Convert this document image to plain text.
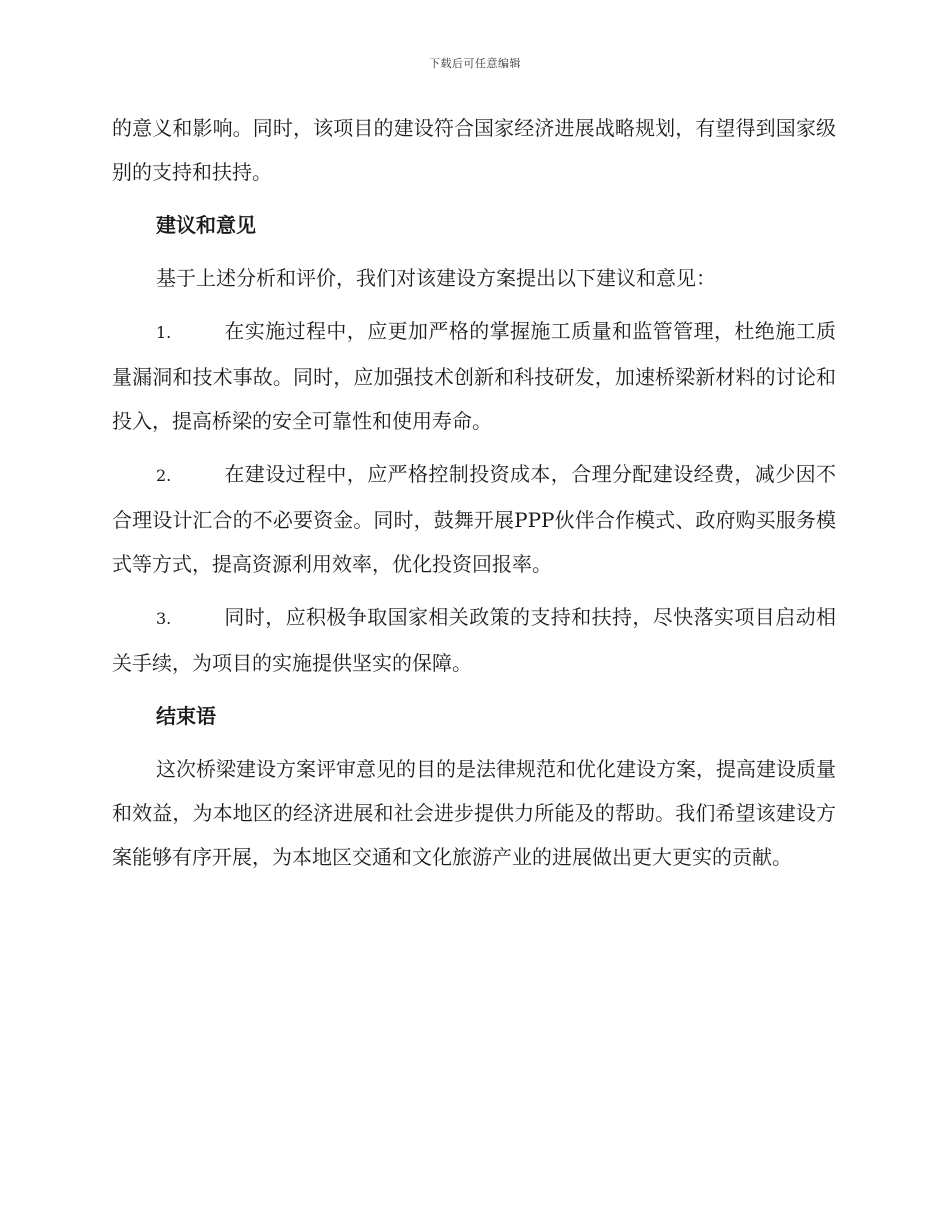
下载后可任意编辑

的意义和影响。同时，该项目的建设符合国家经济进展战略规划，有望得到国家级别的支持和扶持。

建议和意见

基于上述分析和评价，我们对该建设方案提出以下建议和意见：

1.	在实施过程中，应更加严格的掌握施工质量和监管管理，杜绝施工质量漏洞和技术事故。同时，应加强技术创新和科技研发，加速桥梁新材料的讨论和投入，提高桥梁的安全可靠性和使用寿命。

2.	在建设过程中，应严格控制投资成本，合理分配建设经费，减少因不合理设计汇合的不必要资金。同时，鼓舞开展PPP伙伴合作模式、政府购买服务模式等方式，提高资源利用效率，优化投资回报率。

3.	同时，应积极争取国家相关政策的支持和扶持，尽快落实项目启动相关手续，为项目的实施提供坚实的保障。

结束语

这次桥梁建设方案评审意见的目的是法律规范和优化建设方案，提高建设质量和效益，为本地区的经济进展和社会进步提供力所能及的帮助。我们希望该建设方案能够有序开展，为本地区交通和文化旅游产业的进展做出更大更实的贡献。
